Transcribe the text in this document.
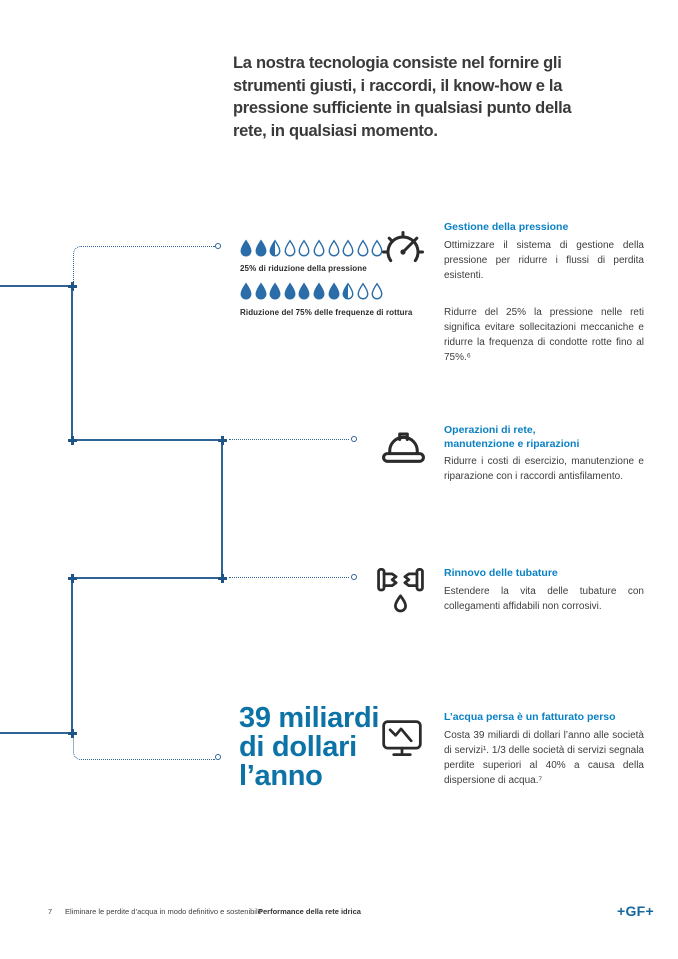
La nostra tecnologia consiste nel fornire gli
strumenti giusti, i raccordi, il know-how e la
pressione sufficiente in qualsiasi punto della
rete, in qualsiasi momento.
25% di riduzione della pressione
Riduzione del 75% delle frequenze di rottura
39 miliardi
di dollari
l’anno
Gestione della pressione

Ottimizzare il sistema di gestione della pressione per ridurre i flussi di perdita esistenti.

Ridurre del 25% la pressione nelle reti significa evitare sollecitazioni meccaniche e ridurre la frequenza di condotte rotte fino al 75%.⁶

Operazioni di rete,
manutenzione e riparazioni

Ridurre i costi di esercizio, manutenzione e riparazione con i raccordi antisfilamento.

Rinnovo delle tubature

Estendere la vita delle tubature con collegamenti affidabili non corrosivi.

L’acqua persa è un fatturato perso

Costa 39 miliardi di dollari l’anno alle società di servizi¹. 1/3 delle società di servizi segnala perdite superiori al 40% a causa della dispersione di acqua.⁷

7 Eliminare le perdite d’acqua in modo definitivo e sostenibile
Performance della rete idrica	+GF+
